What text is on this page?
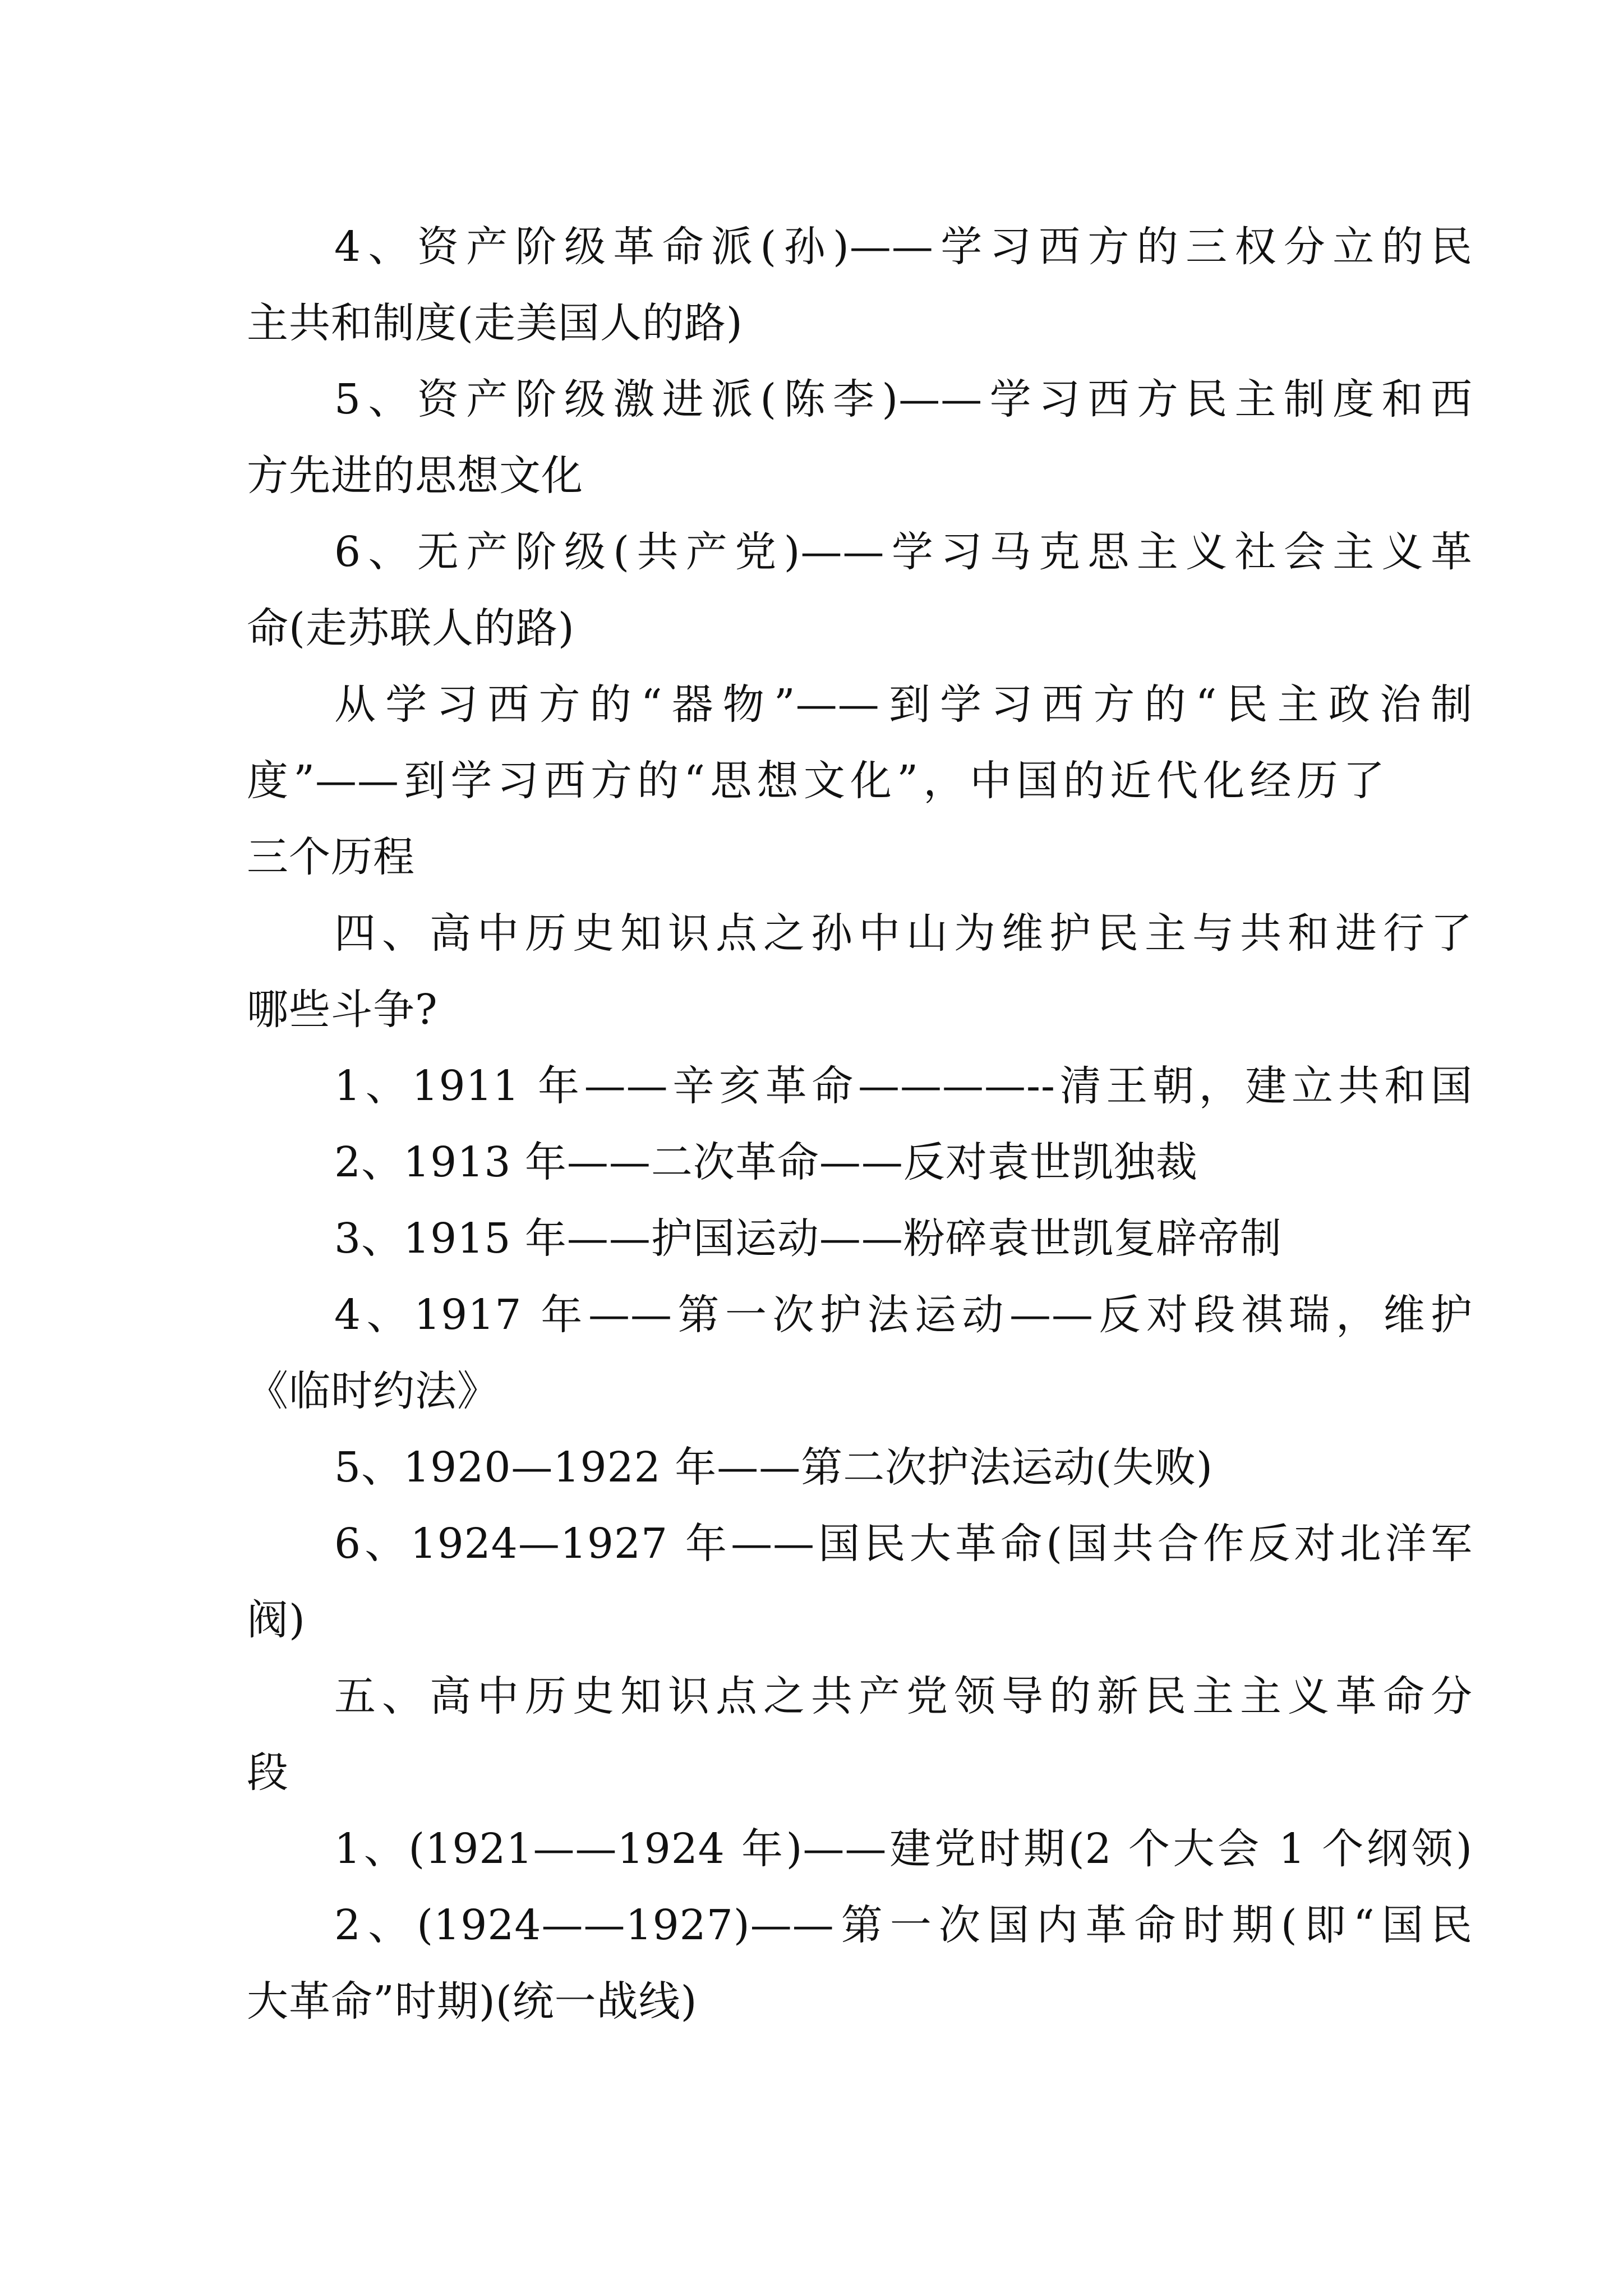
4、资产阶级革命派(孙)——学习西方的三权分立的民
主共和制度(走美国人的路)
5、资产阶级激进派(陈李)——学习西方民主制度和西
方先进的思想文化
6、无产阶级(共产党)——学习马克思主义社会主义革
命(走苏联人的路)
从学习西方的“器物”——到学习西方的“民主政治制
度”——到学习西方的“思想文化”，中国的近代化经历了
三个历程
四、高中历史知识点之孙中山为维护民主与共和进行了
哪些斗争?
1、1911 年——辛亥革命————--清王朝，建立共和国
2、1913 年——二次革命——反对袁世凯独裁
3、1915 年——护国运动——粉碎袁世凯复辟帝制
4、1917 年——第一次护法运动——反对段祺瑞，维护
《临时约法》
5、1920—1922 年——第二次护法运动(失败)
6、1924—1927 年——国民大革命(国共合作反对北洋军
阀)
五、高中历史知识点之共产党领导的新民主主义革命分
段
1、(1921——1924 年)——建党时期(2 个大会 1 个纲领)
2、(1924——1927)——第一次国内革命时期(即“国民
大革命”时期)(统一战线)
